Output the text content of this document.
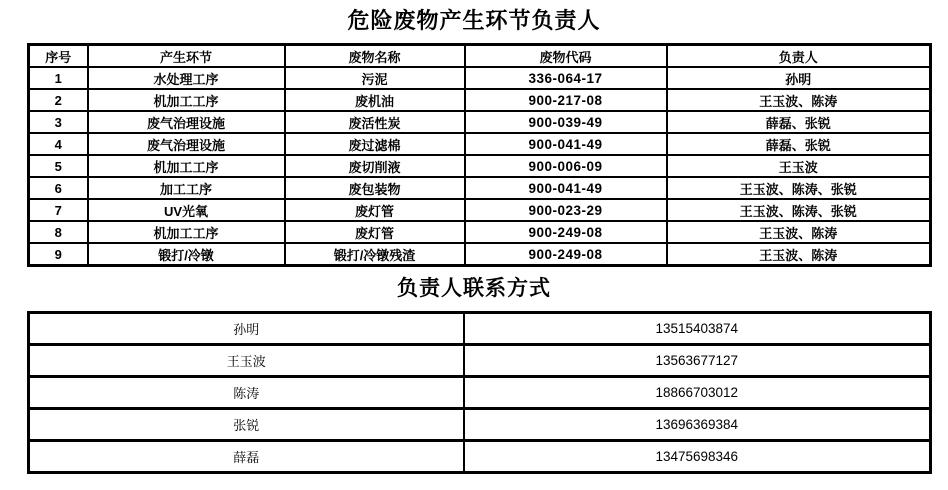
危险废物产生环节负责人
序号	产生环节	废物名称	废物代码	负责人
1	水处理工序	污泥	336-064-17	孙明
2	机加工工序	废机油	900-217-08	王玉波、陈涛
3	废气治理设施	废活性炭	900-039-49	薛磊、张锐
4	废气治理设施	废过滤棉	900-041-49	薛磊、张锐
5	机加工工序	废切削液	900-006-09	王玉波
6	加工工序	废包装物	900-041-49	王玉波、陈涛、张锐
7	UV光氧	废灯管	900-023-29	王玉波、陈涛、张锐
8	机加工工序	废灯管	900-249-08	王玉波、陈涛
9	锻打/冷镦	锻打/冷镦残渣	900-249-08	王玉波、陈涛
负责人联系方式
孙明	13515403874
王玉波	13563677127
陈涛	18866703012
张锐	13696369384
薛磊	13475698346
